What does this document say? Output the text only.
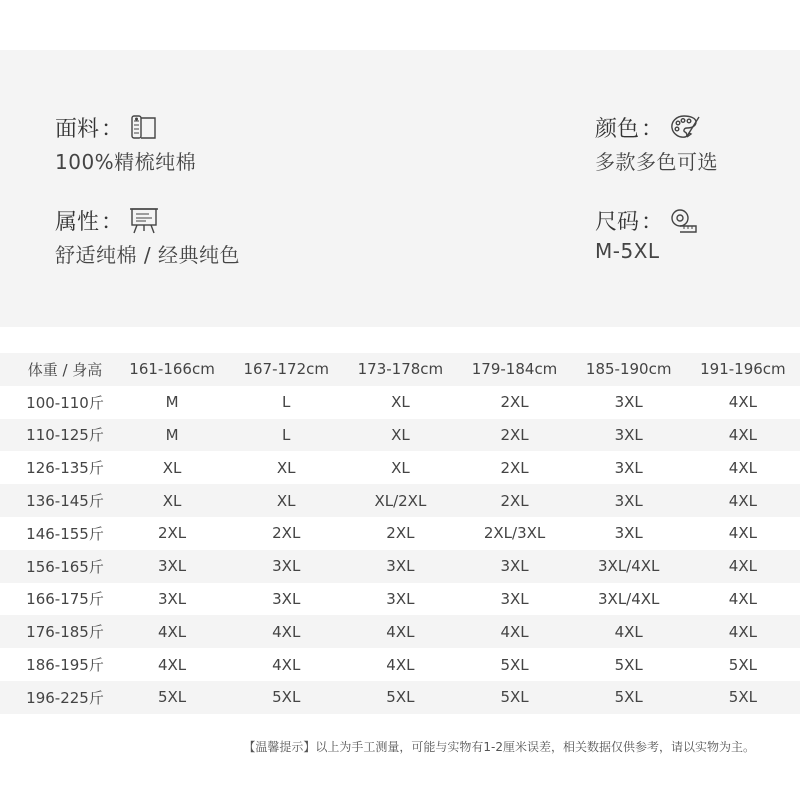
面料 ：
100%精梳纯棉
颜色 ：
多款多色可选
属性 ：
舒适纯棉 / 经典纯色
尺码 ：
M-5XL
体重 / 身高	161-166cm	167-172cm	173-178cm	179-184cm	185-190cm	191-196cm
100-110斤	M	L	XL	2XL	3XL	4XL
110-125斤	M	L	XL	2XL	3XL	4XL
126-135斤	XL	XL	XL	2XL	3XL	4XL
136-145斤	XL	XL	XL/2XL	2XL	3XL	4XL
146-155斤	2XL	2XL	2XL	2XL/3XL	3XL	4XL
156-165斤	3XL	3XL	3XL	3XL	3XL/4XL	4XL
166-175斤	3XL	3XL	3XL	3XL	3XL/4XL	4XL
176-185斤	4XL	4XL	4XL	4XL	4XL	4XL
186-195斤	4XL	4XL	4XL	5XL	5XL	5XL
196-225斤	5XL	5XL	5XL	5XL	5XL	5XL
【温馨提示】以上为手工测量，可能与实物有1-2厘米误差，相关数据仅供参考，请以实物为主。
